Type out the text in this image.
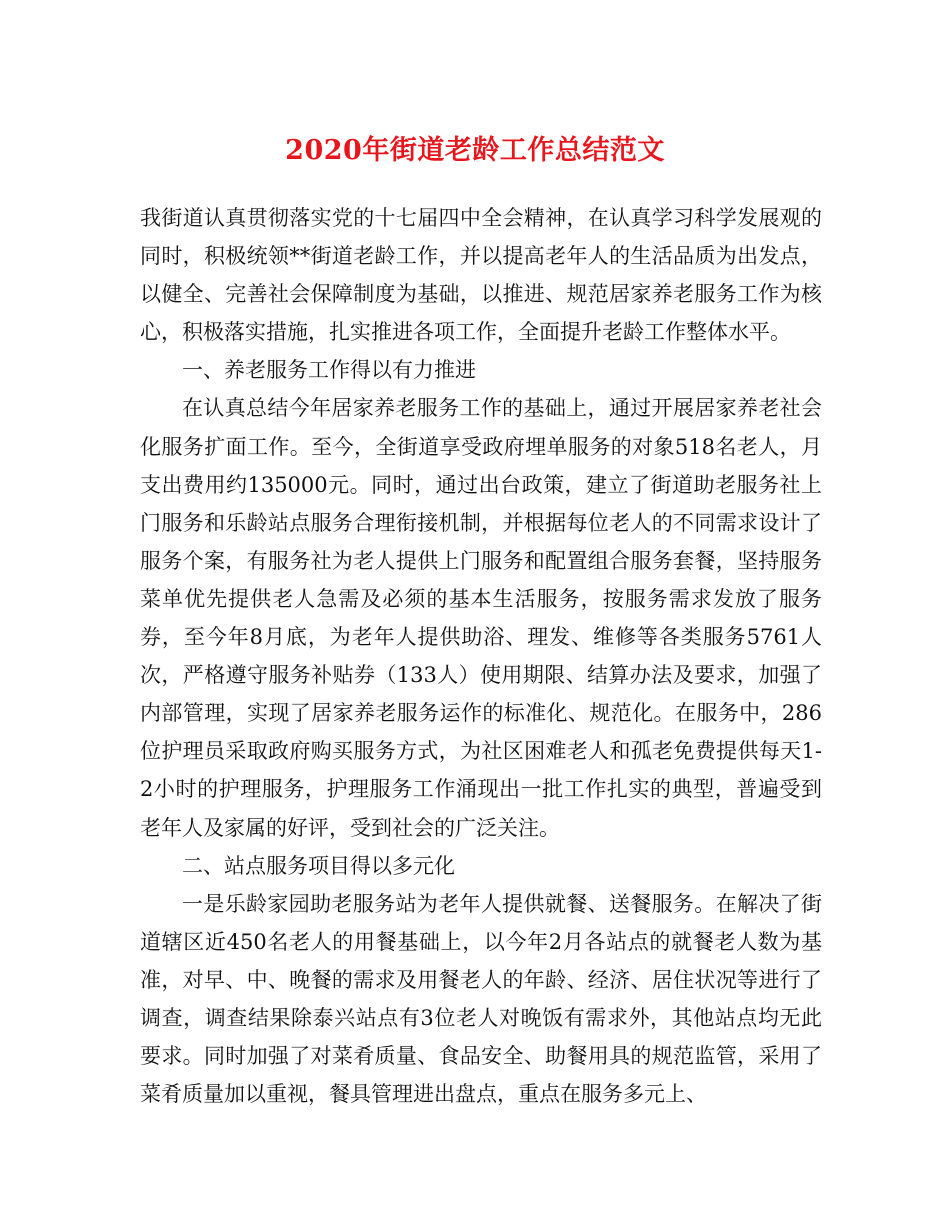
2020年街道老龄工作总结范文

我街道认真贯彻落实党的十七届四中全会精神，在认真学习科学发展观的同时，积极统领**街道老龄工作，并以提高老年人的生活品质为出发点，以健全、完善社会保障制度为基础，以推进、规范居家养老服务工作为核心，积极落实措施，扎实推进各项工作，全面提升老龄工作整体水平。

一、养老服务工作得以有力推进

在认真总结今年居家养老服务工作的基础上，通过开展居家养老社会化服务扩面工作。至今，全街道享受政府埋单服务的对象518名老人，月支出费用约135000元。同时，通过出台政策，建立了街道助老服务社上门服务和乐龄站点服务合理衔接机制，并根据每位老人的不同需求设计了服务个案，有服务社为老人提供上门服务和配置组合服务套餐，坚持服务菜单优先提供老人急需及必须的基本生活服务，按服务需求发放了服务券，至今年8月底，为老年人提供助浴、理发、维修等各类服务5761人次，严格遵守服务补贴券（133人）使用期限、结算办法及要求，加强了内部管理，实现了居家养老服务运作的标准化、规范化。在服务中，286位护理员采取政府购买服务方式，为社区困难老人和孤老免费提供每天1-2小时的护理服务，护理服务工作涌现出一批工作扎实的典型，普遍受到老年人及家属的好评，受到社会的广泛关注。

二、站点服务项目得以多元化

一是乐龄家园助老服务站为老年人提供就餐、送餐服务。在解决了街道辖区近450名老人的用餐基础上，以今年2月各站点的就餐老人数为基准，对早、中、晚餐的需求及用餐老人的年龄、经济、居住状况等进行了调查，调查结果除泰兴站点有3位老人对晚饭有需求外，其他站点均无此要求。同时加强了对菜肴质量、食品安全、助餐用具的规范监管，采用了菜肴质量加以重视，餐具管理进出盘点，重点在服务多元上、
